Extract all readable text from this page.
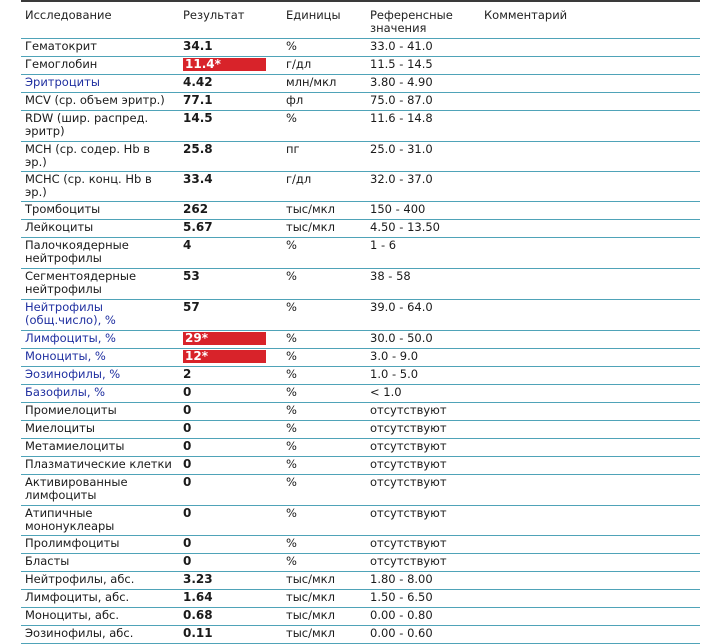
Исследование	Результат	Единицы	Референсные значения	Комментарий
Гематокрит	34.1	%	33.0 - 41.0	
Гемоглобин	11.4*	г/дл	11.5 - 14.5	
Эритроциты	4.42	млн/мкл	3.80 - 4.90	
MCV (ср. объем эритр.)	77.1	фл	75.0 - 87.0	
RDW (шир. распред. эритр)	14.5	%	11.6 - 14.8	
MCH (ср. содер. Hb в эр.)	25.8	пг	25.0 - 31.0	
MCHC (ср. конц. Hb в эр.)	33.4	г/дл	32.0 - 37.0	
Тромбоциты	262	тыс/мкл	150 - 400	
Лейкоциты	5.67	тыс/мкл	4.50 - 13.50	
Палочкоядерные нейтрофилы	4	%	1 - 6	
Сегментоядерные нейтрофилы	53	%	38 - 58	
Нейтрофилы (общ.число), %	57	%	39.0 - 64.0	
Лимфоциты, %	29*	%	30.0 - 50.0	
Моноциты, %	12*	%	3.0 - 9.0	
Эозинофилы, %	2	%	1.0 - 5.0	
Базофилы, %	0	%	< 1.0	
Промиелоциты	0	%	отсутствуют	
Миелоциты	0	%	отсутствуют	
Метамиелоциты	0	%	отсутствуют	
Плазматические клетки	0	%	отсутствуют	
Активированные лимфоциты	0	%	отсутствуют	
Атипичные мононуклеары	0	%	отсутствуют	
Пролимфоциты	0	%	отсутствуют	
Бласты	0	%	отсутствуют	
Нейтрофилы, абс.	3.23	тыс/мкл	1.80 - 8.00	
Лимфоциты, абс.	1.64	тыс/мкл	1.50 - 6.50	
Моноциты, абс.	0.68	тыс/мкл	0.00 - 0.80	
Эозинофилы, абс.	0.11	тыс/мкл	0.00 - 0.60	
